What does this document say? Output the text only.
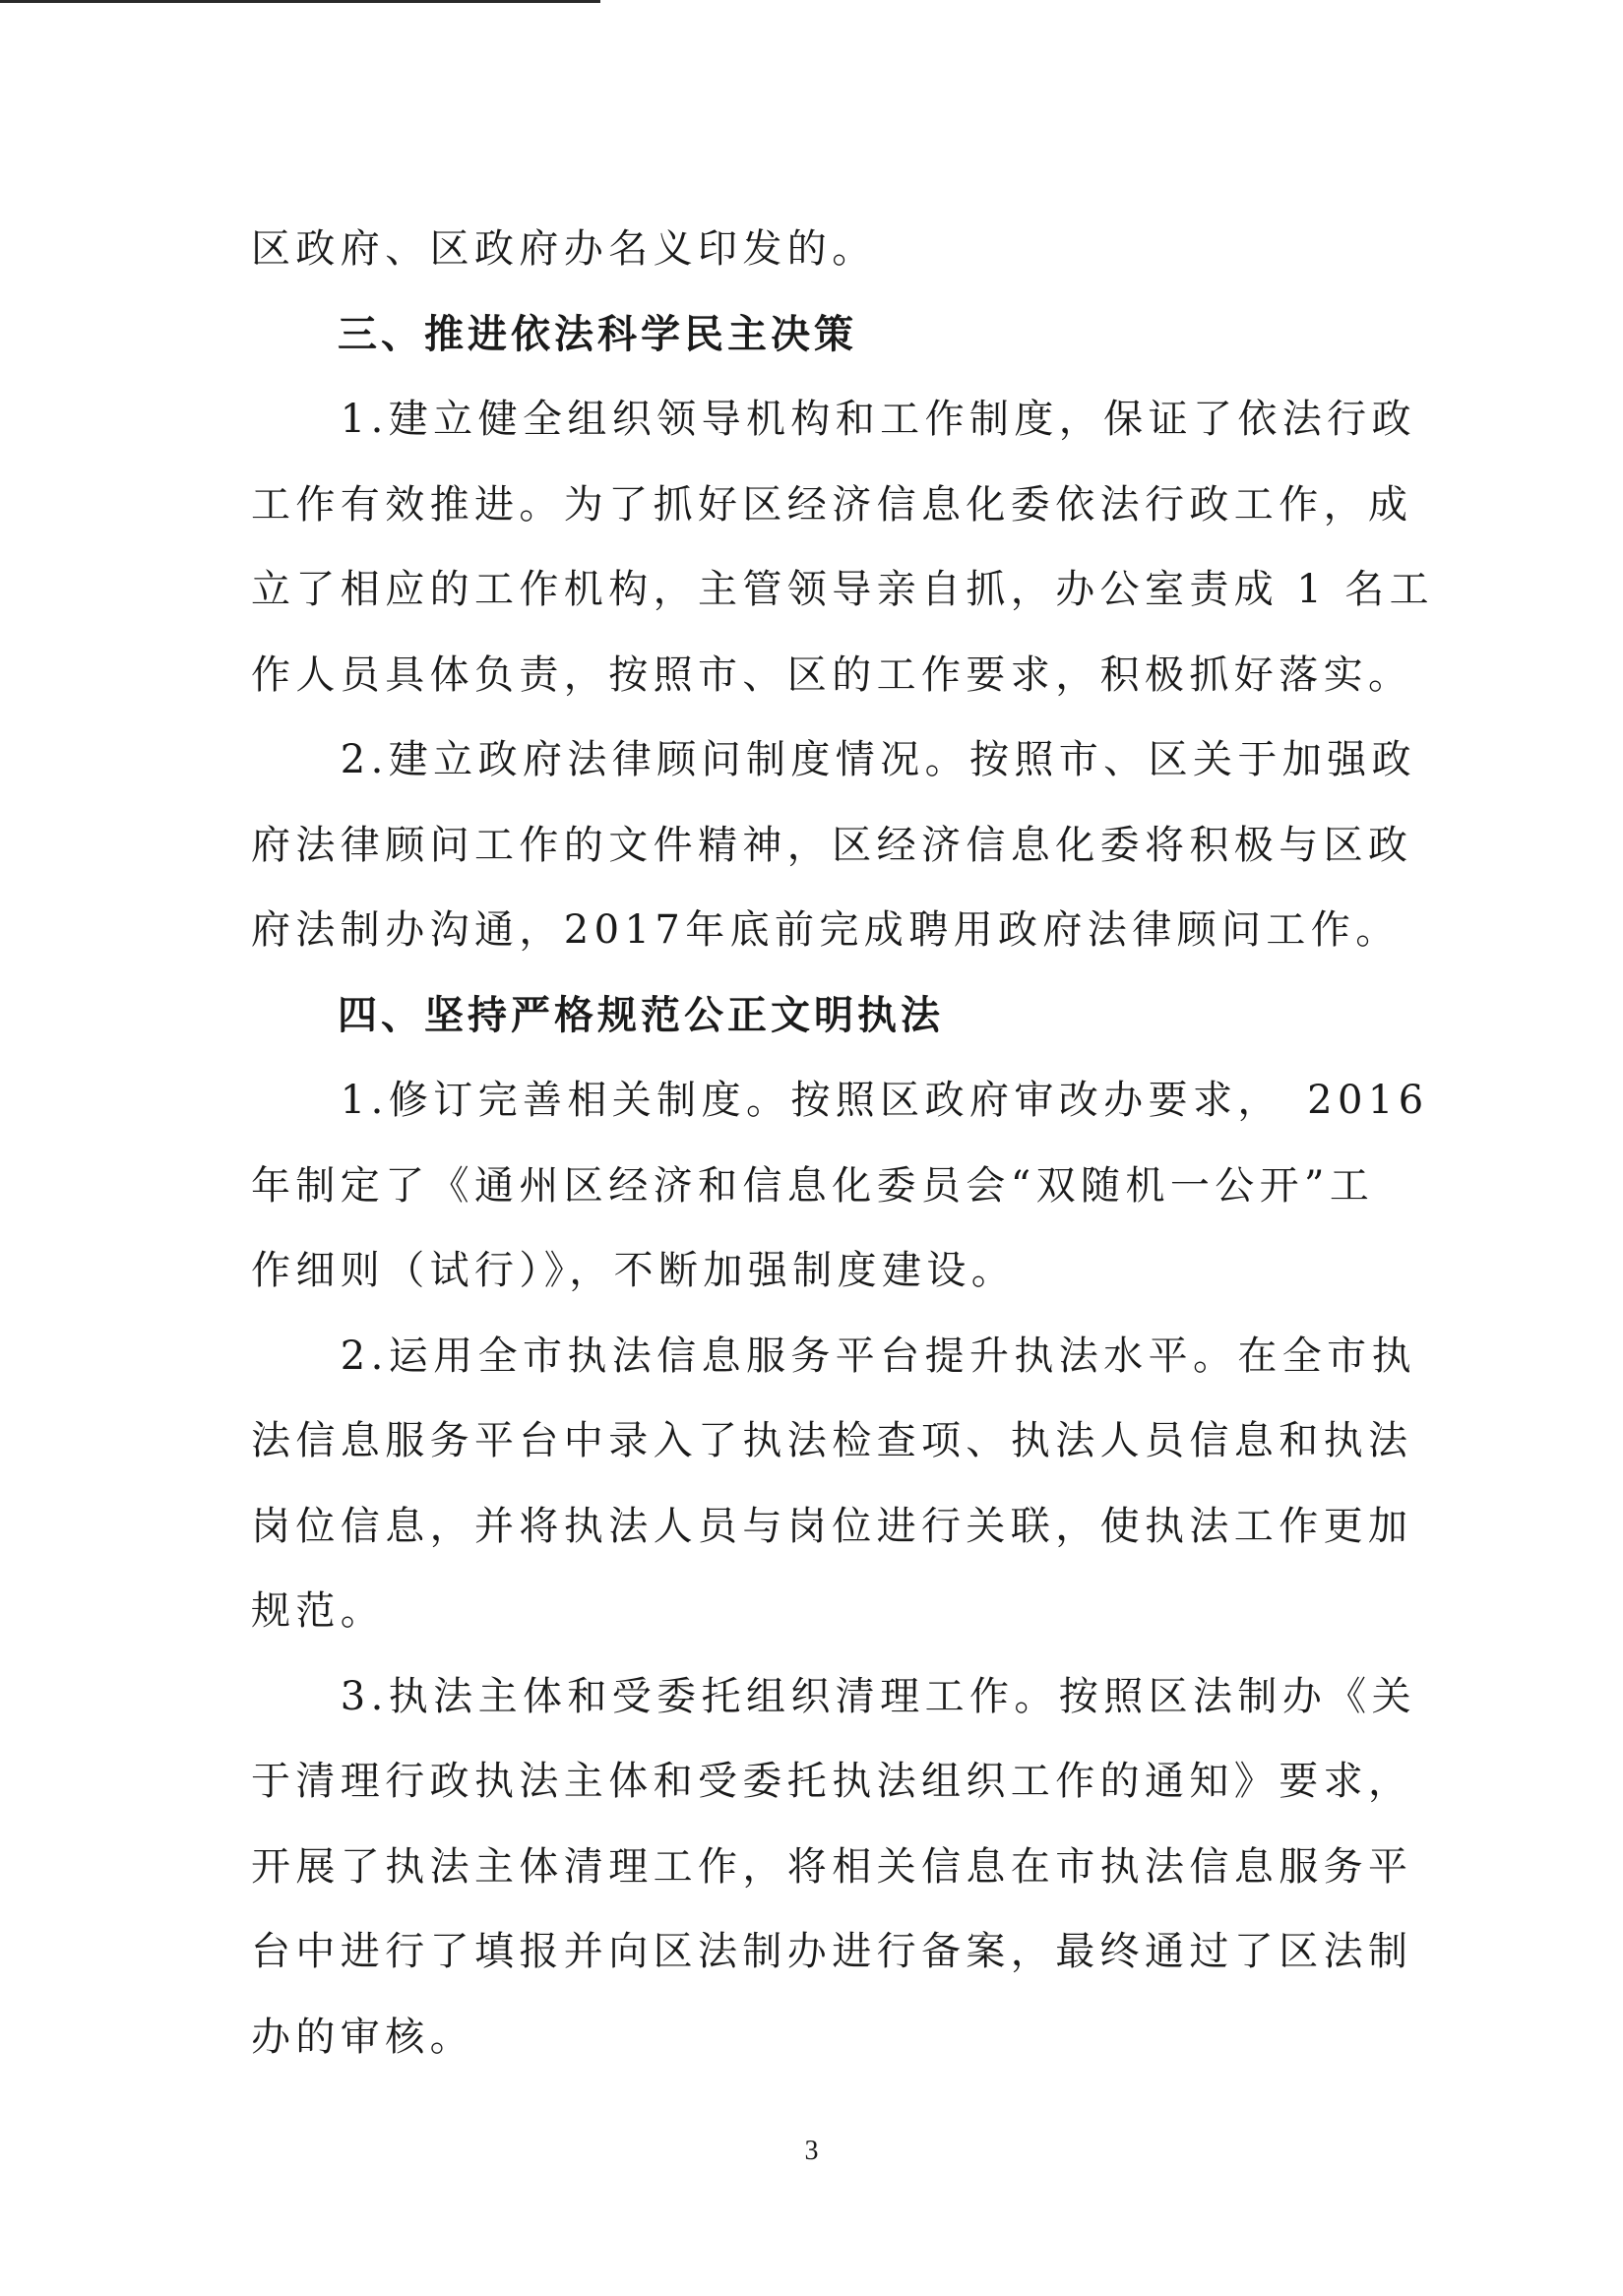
区政府、区政府办名义印发的。
　　三、推进依法科学民主决策
　　1.建立健全组织领导机构和工作制度，保证了依法行政
工作有效推进。为了抓好区经济信息化委依法行政工作，成
立了相应的工作机构，主管领导亲自抓，办公室责成 1 名工
作人员具体负责，按照市、区的工作要求，积极抓好落实。
　　2.建立政府法律顾问制度情况。按照市、区关于加强政
府法律顾问工作的文件精神，区经济信息化委将积极与区政
府法制办沟通，2017年底前完成聘用政府法律顾问工作。
　　四、坚持严格规范公正文明执法
　　1.修订完善相关制度。按照区政府审改办要求，　2016
年制定了《通州区经济和信息化委员会“双随机一公开”工
作细则（试行）》，不断加强制度建设。
　　2.运用全市执法信息服务平台提升执法水平。在全市执
法信息服务平台中录入了执法检查项、执法人员信息和执法
岗位信息，并将执法人员与岗位进行关联，使执法工作更加
规范。
　　3.执法主体和受委托组织清理工作。按照区法制办《关
于清理行政执法主体和受委托执法组织工作的通知》要求，
开展了执法主体清理工作，将相关信息在市执法信息服务平
台中进行了填报并向区法制办进行备案，最终通过了区法制
办的审核。
3
